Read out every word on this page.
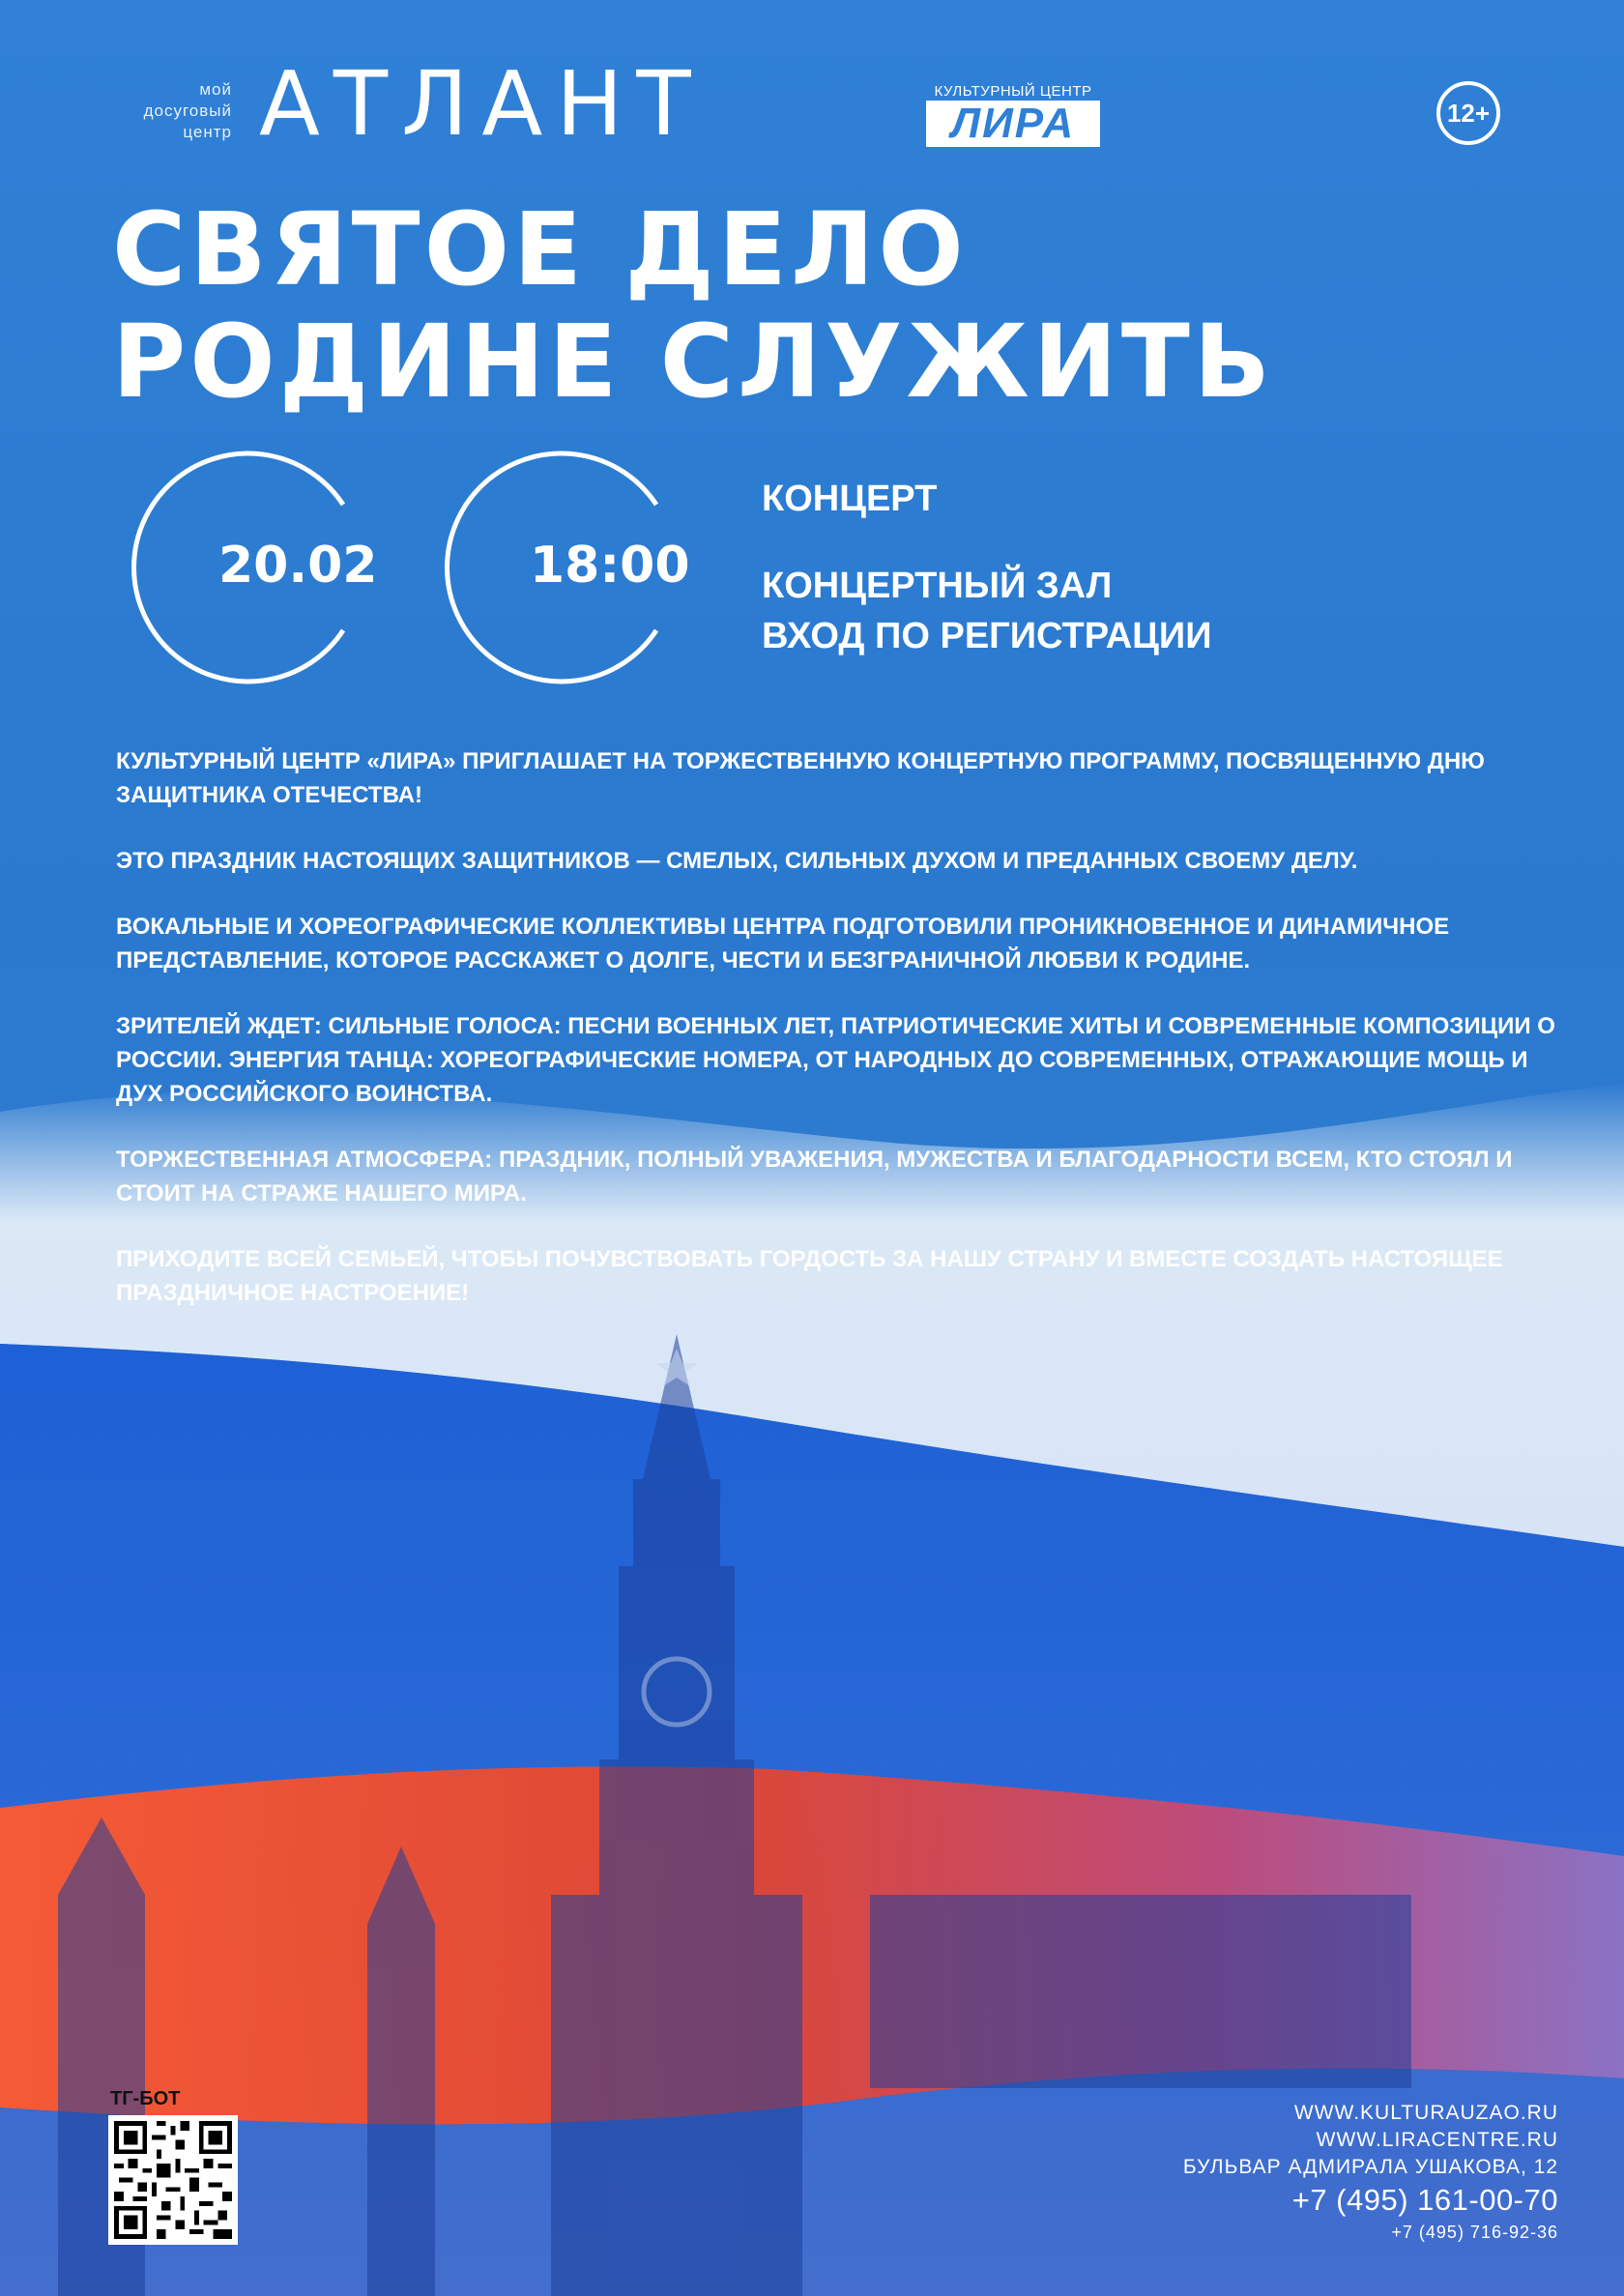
мой
досуговый
центр АТЛАНТ	КУЛЬТУРНЫЙ ЦЕНТР
ЛИРА	12+
СВЯТОЕ ДЕЛО
РОДИНЕ СЛУЖИТЬ
20.02	18:00
КОНЦЕРТ
КОНЦЕРТНЫЙ ЗАЛ
ВХОД ПО РЕГИСТРАЦИИ

КУЛЬТУРНЫЙ ЦЕНТР «ЛИРА» ПРИГЛАШАЕТ НА ТОРЖЕСТВЕННУЮ КОНЦЕРТНУЮ ПРОГРАММУ, ПОСВЯЩЕННУЮ ДНЮ ЗАЩИТНИКА ОТЕЧЕСТВА!

ЭТО ПРАЗДНИК НАСТОЯЩИХ ЗАЩИТНИКОВ — СМЕЛЫХ, СИЛЬНЫХ ДУХОМ И ПРЕДАННЫХ СВОЕМУ ДЕЛУ.

ВОКАЛЬНЫЕ И ХОРЕОГРАФИЧЕСКИЕ КОЛЛЕКТИВЫ ЦЕНТРА ПОДГОТОВИЛИ ПРОНИКНОВЕННОЕ И ДИНАМИЧНОЕ ПРЕДСТАВЛЕНИЕ, КОТОРОЕ РАССКАЖЕТ О ДОЛГЕ, ЧЕСТИ И БЕЗГРАНИЧНОЙ ЛЮБВИ К РОДИНЕ.

ЗРИТЕЛЕЙ ЖДЕТ: СИЛЬНЫЕ ГОЛОСА: ПЕСНИ ВОЕННЫХ ЛЕТ, ПАТРИОТИЧЕСКИЕ ХИТЫ И СОВРЕМЕННЫЕ КОМПОЗИЦИИ О РОССИИ. ЭНЕРГИЯ ТАНЦА: ХОРЕОГРАФИЧЕСКИЕ НОМЕРА, ОТ НАРОДНЫХ ДО СОВРЕМЕННЫХ, ОТРАЖАЮЩИЕ МОЩЬ И ДУХ РОССИЙСКОГО ВОИНСТВА.

ТОРЖЕСТВЕННАЯ АТМОСФЕРА: ПРАЗДНИК, ПОЛНЫЙ УВАЖЕНИЯ, МУЖЕСТВА И БЛАГОДАРНОСТИ ВСЕМ, КТО СТОЯЛ И СТОИТ НА СТРАЖЕ НАШЕГО МИРА.

ПРИХОДИТЕ ВСЕЙ СЕМЬЕЙ, ЧТОБЫ ПОЧУВСТВОВАТЬ ГОРДОСТЬ ЗА НАШУ СТРАНУ И ВМЕСТЕ СОЗДАТЬ НАСТОЯЩЕЕ ПРАЗДНИЧНОЕ НАСТРОЕНИЕ!

ТГ-БОТ
WWW.KULTURAUZAO.RU
WWW.LIRACENTRE.RU
БУЛЬВАР АДМИРАЛА УШАКОВА, 12
+7 (495) 161-00-70
+7 (495) 716-92-36
